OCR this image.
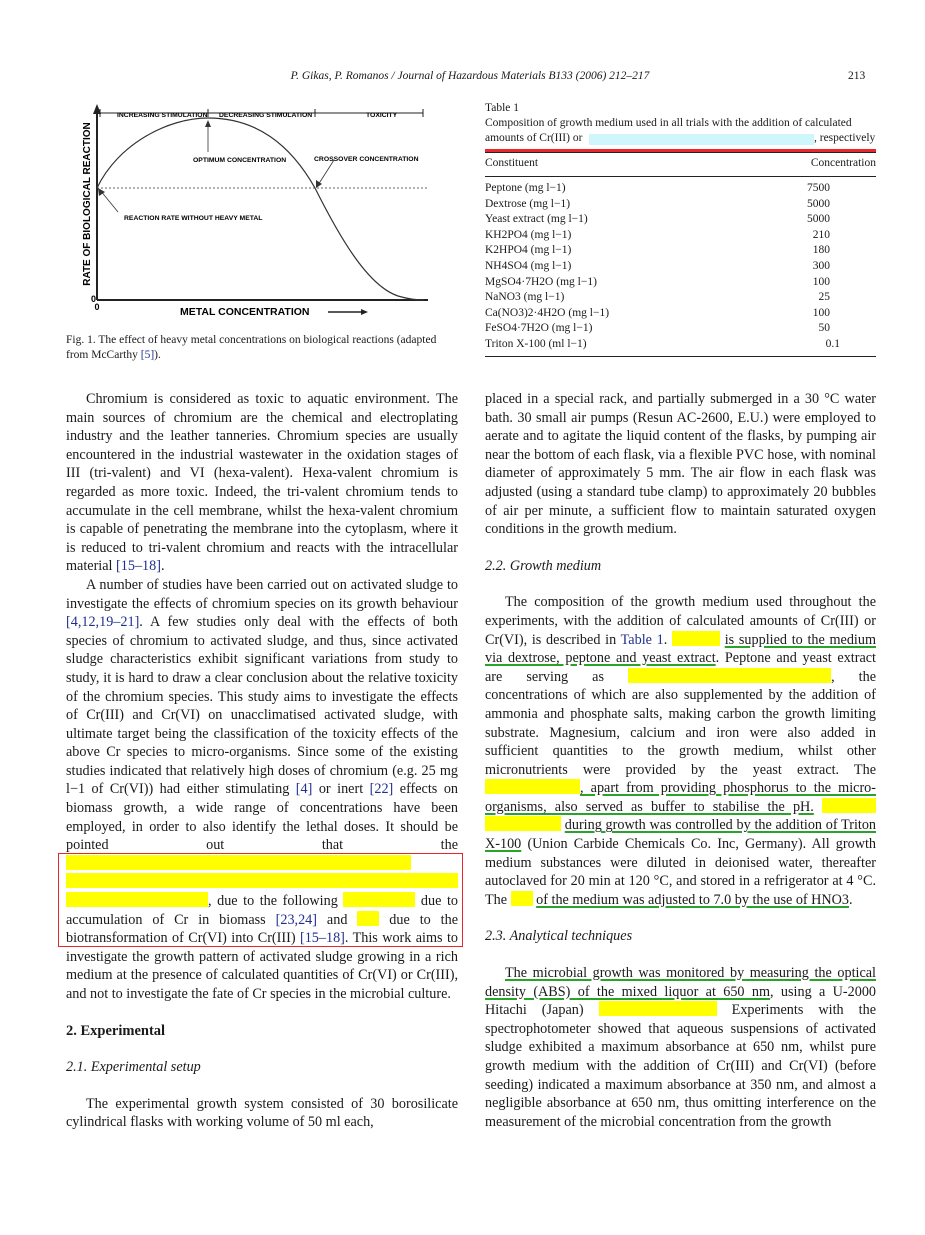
P. Gikas, P. Romanos / Journal of Hazardous Materials B133 (2006) 212–217	213
INCREASING STIMULATION DECREASING STIMULATION	TOXICITY
OPTIMUM CONCENTRATION	CROSSOVER CONCENTRATION
REACTION RATE WITHOUT HEAVY METAL
RATE OF BIOLOGICAL REACTION
0
0
METAL CONCENTRATION
Fig. 1. The effect of heavy metal concentrations on biological reactions (adapted from McCarthy [5]).
Table 1
Composition of growth medium used in all trials with the addition of calculated
amounts of Cr(III) or	, respectively
Constituent	Concentration
Peptone (mg l−1)	7500
Dextrose (mg l−1)	5000
Yeast extract (mg l−1)	5000
KH2PO4 (mg l−1)	210
K2HPO4 (mg l−1)	180
NH4SO4 (mg l−1)	300
MgSO4·7H2O (mg l−1)	100
NaNO3 (mg l−1)	25
Ca(NO3)2·4H2O (mg l−1)	100
FeSO4·7H2O (mg l−1)	50
Triton X-100 (ml l−1)	0.1

Chromium is considered as toxic to aquatic environment. The main sources of chromium are the chemical and electroplating industry and the leather tanneries. Chromium species are usually encountered in the industrial wastewater in the oxidation stages of III (tri-valent) and VI (hexa-valent). Hexa-valent chromium is regarded as more toxic. Indeed, the tri-valent chromium tends to accumulate in the cell membrane, whilst the hexa-valent chromium is capable of penetrating the membrane into the cytoplasm, where it is reduced to tri-valent chromium and reacts with the intracellular material [15–18].

A number of studies have been carried out on activated sludge to investigate the effects of chromium species on its growth behaviour [4,12,19–21]. A few studies only deal with the effects of both species of chromium to activated sludge, and thus, since activated sludge characteristics exhibit significant variations from study to study, it is hard to draw a clear conclusion about the relative toxicity of the chromium species. This study aims to investigate the effects of Cr(III) and Cr(VI) on unacclimatised activated sludge, with ultimate target being the classification of the toxicity effects of the above Cr species to micro-organisms. Since some of the existing studies indicated that relatively high doses of chromium (e.g. 25 mg l−1 of Cr(VI)) had either stimulating [4] or inert [22] effects on biomass growth, a wide range of concentrations have been employed, in order to also identify the lethal doses. It should be pointed out that the, due to the following	due to accumulation of Cr in biomass [23,24] and	due to the biotransformation of Cr(VI) into Cr(III) [15–18]. This work aims to investigate the growth pattern of activated sludge growing in a rich medium at the presence of calculated quantities of Cr(VI) or Cr(III), and not to investigate the fate of Cr species in the microbial culture.

2. Experimental
2.1. Experimental setup

The experimental growth system consisted of 30 borosilicate cylindrical flasks with working volume of 50 ml each,

placed in a special rack, and partially submerged in a 30 °C water bath. 30 small air pumps (Resun AC-2600, E.U.) were employed to aerate and to agitate the liquid content of the flasks, by pumping air near the bottom of each flask, via a flexible PVC hose, with nominal diameter of approximately 5 mm. The air flow in each flask was adjusted (using a standard tube clamp) to approximately 20 bubbles of air per minute, a sufficient flow to maintain saturated oxygen conditions in the growth medium.

2.2. Growth medium

The composition of the growth medium used throughout the experiments, with the addition of calculated amounts of Cr(III) or Cr(VI), is described in Table 1.	is supplied to the medium via dextrose, peptone and yeast extract. Peptone and yeast extract are serving as	, the concentrations of which are also supplemented by the addition of ammonia and phosphate salts, making carbon the growth limiting substrate. Magnesium, calcium and iron were also added in sufficient quantities to the growth medium, whilst other micronutrients were provided by the yeast extract. The , apart from providing phosphorus to the micro-organisms, also served as buffer to stabilise the pH.  during growth was controlled by the addition of Triton X-100 (Union Carbide Chemicals Co. Inc, Germany). All growth medium substances were diluted in deionised water, thereafter autoclaved for 20 min at 120 °C, and stored in a refrigerator at 4 °C. The of the medium was adjusted to 7.0 by the use of HNO3.

2.3. Analytical techniques

The microbial growth was monitored by measuring the optical density (ABS) of the mixed liquor at 650 nm, using a U-2000 Hitachi (Japan)	Experiments with the spectrophotometer showed that aqueous suspensions of activated sludge exhibited a maximum absorbance at 650 nm, whilst pure growth medium with the addition of Cr(III) and Cr(VI) (before seeding) indicated a maximum absorbance at 350 nm, and almost a negligible absorbance at 650 nm, thus omitting interference on the measurement of the microbial concentration from the growth
